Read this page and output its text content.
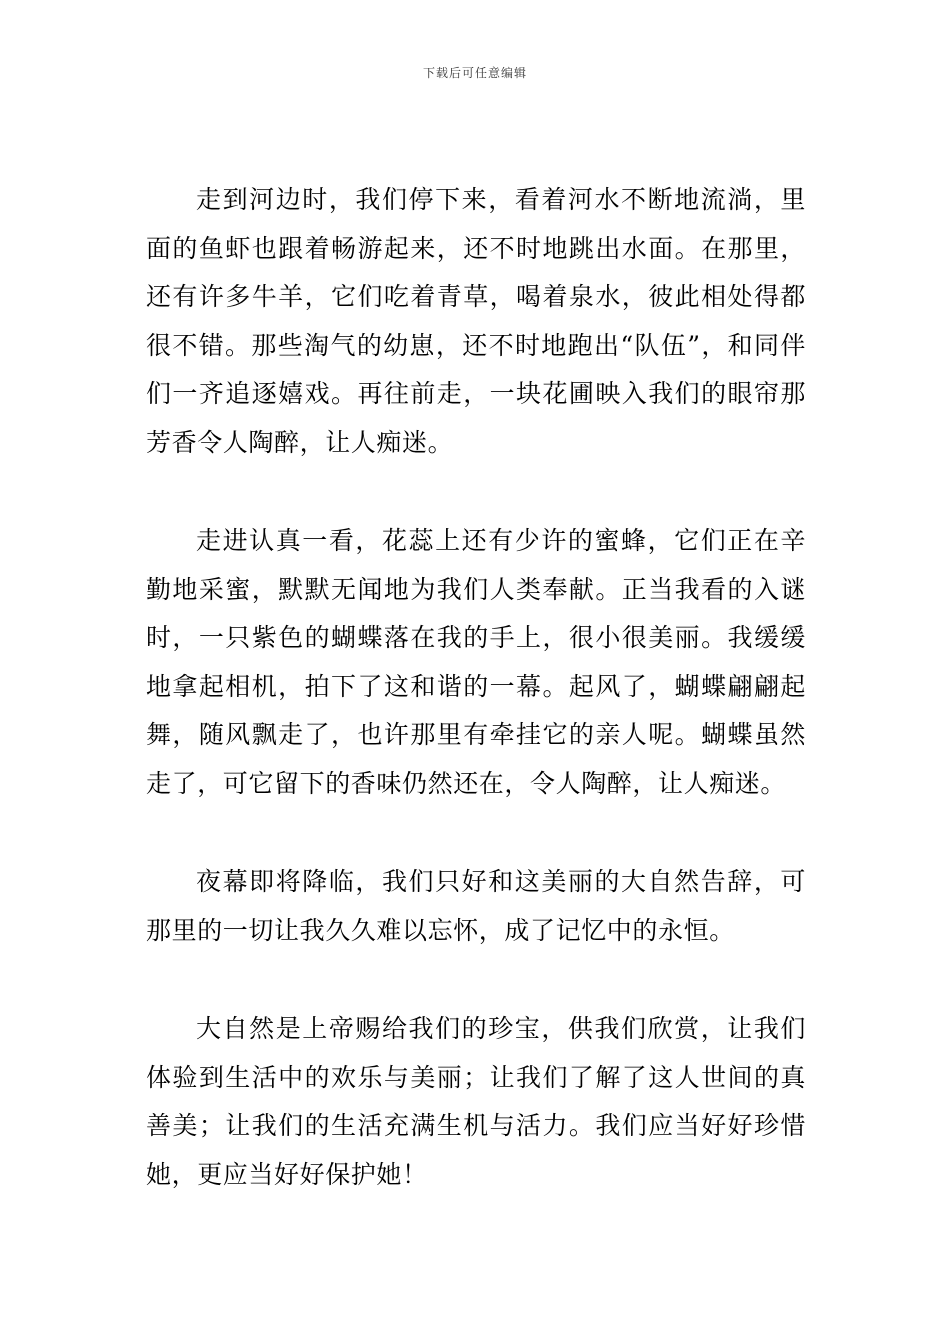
下载后可任意编辑

走到河边时，我们停下来，看着河水不断地流淌，里面的鱼虾也跟着畅游起来，还不时地跳出水面。在那里，还有许多牛羊，它们吃着青草，喝着泉水，彼此相处得都很不错。那些淘气的幼崽，还不时地跑出“队伍”，和同伴们一齐追逐嬉戏。再往前走，一块花圃映入我们的眼帘那芳香令人陶醉，让人痴迷。

走进认真一看，花蕊上还有少许的蜜蜂，它们正在辛勤地采蜜，默默无闻地为我们人类奉献。正当我看的入谜时，一只紫色的蝴蝶落在我的手上，很小很美丽。我缓缓地拿起相机，拍下了这和谐的一幕。起风了，蝴蝶翩翩起舞，随风飘走了，也许那里有牵挂它的亲人呢。蝴蝶虽然走了，可它留下的香味仍然还在，令人陶醉，让人痴迷。

夜幕即将降临，我们只好和这美丽的大自然告辞，可那里的一切让我久久难以忘怀，成了记忆中的永恒。

大自然是上帝赐给我们的珍宝，供我们欣赏，让我们体验到生活中的欢乐与美丽；让我们了解了这人世间的真善美；让我们的生活充满生机与活力。我们应当好好珍惜她，更应当好好保护她！
